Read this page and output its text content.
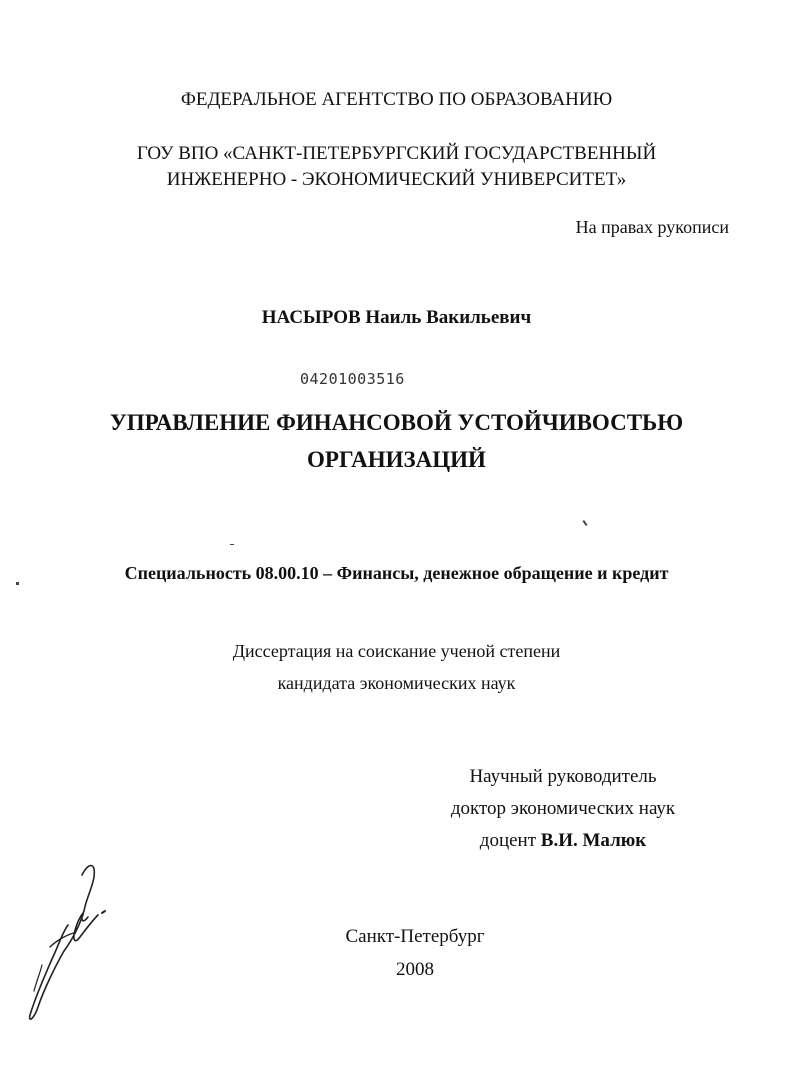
ФЕДЕРАЛЬНОЕ АГЕНТСТВО ПО ОБРАЗОВАНИЮ
ГОУ ВПО «САНКТ-ПЕТЕРБУРГСКИЙ ГОСУДАРСТВЕННЫЙ
ИНЖЕНЕРНО - ЭКОНОМИЧЕСКИЙ УНИВЕРСИТЕТ»
На правах рукописи
НАСЫРОВ Наиль Вакильевич
04201003516
УПРАВЛЕНИЕ ФИНАНСОВОЙ УСТОЙЧИВОСТЬЮ
ОРГАНИЗАЦИЙ
Специальность 08.00.10 – Финансы, денежное обращение и кредит
Диссертация на соискание ученой степени
кандидата экономических наук
Научный руководитель
доктор экономических наук
доцент В.И. Малюк
Санкт-Петербург
2008
